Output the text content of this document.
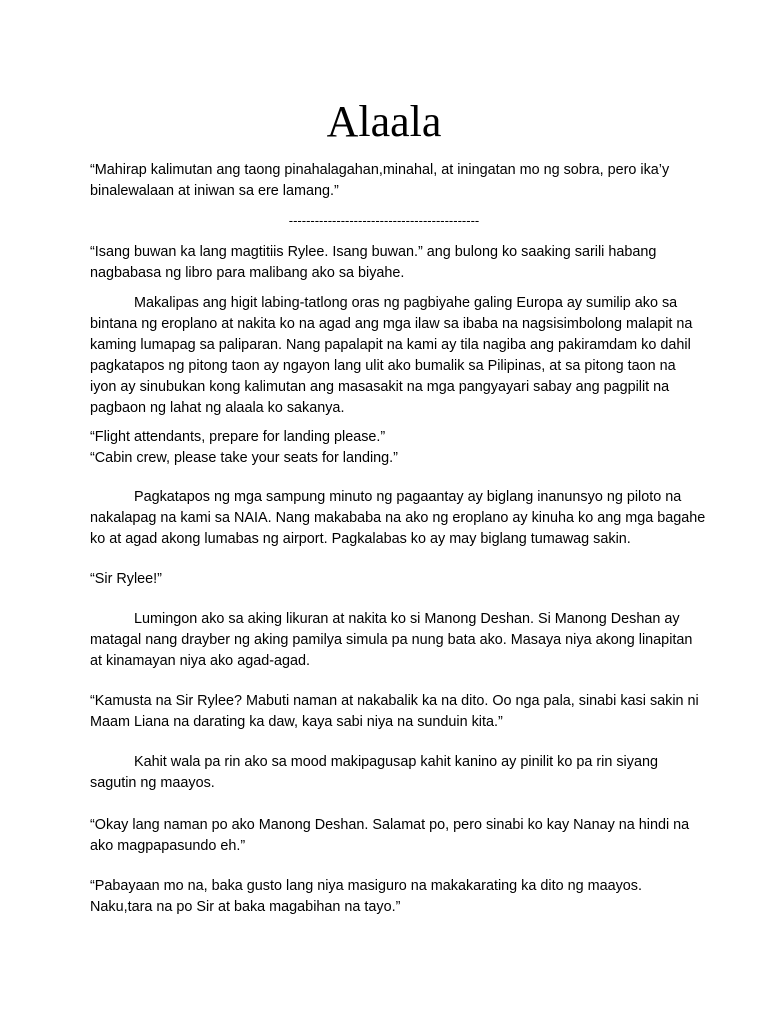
Alaala
“Mahirap kalimutan ang taong pinahalagahan,minahal, at iningatan mo ng sobra, pero ika’y
binalewalaan at iniwan sa ere lamang.”
--------------------------------------------
“Isang buwan ka lang magtitiis Rylee. Isang buwan.” ang bulong ko saaking sarili habang
nagbabasa ng libro para malibang ako sa biyahe.
Makalipas ang higit labing-tatlong oras ng pagbiyahe galing Europa ay sumilip ako sa
bintana ng eroplano at nakita ko na agad ang mga ilaw sa ibaba na nagsisimbolong malapit na
kaming lumapag sa paliparan. Nang papalapit na kami ay tila nagiba ang pakiramdam ko dahil
pagkatapos ng pitong taon ay ngayon lang ulit ako bumalik sa Pilipinas, at sa pitong taon na
iyon ay sinubukan kong kalimutan ang masasakit na mga pangyayari sabay ang pagpilit na
pagbaon ng lahat ng alaala ko sakanya.
“Flight attendants, prepare for landing please.”
“Cabin crew, please take your seats for landing.”
Pagkatapos ng mga sampung minuto ng pagaantay ay biglang inanunsyo ng piloto na
nakalapag na kami sa NAIA. Nang makababa na ako ng eroplano ay kinuha ko ang mga bagahe
ko at agad akong lumabas ng airport. Pagkalabas ko ay may biglang tumawag sakin.
“Sir Rylee!”
Lumingon ako sa aking likuran at nakita ko si Manong Deshan. Si Manong Deshan ay
matagal nang drayber ng aking pamilya simula pa nung bata ako. Masaya niya akong linapitan
at kinamayan niya ako agad-agad.
“Kamusta na Sir Rylee? Mabuti naman at nakabalik ka na dito. Oo nga pala, sinabi kasi sakin ni
Maam Liana na darating ka daw, kaya sabi niya na sunduin kita.”
Kahit wala pa rin ako sa mood makipagusap kahit kanino ay pinilit ko pa rin siyang
sagutin ng maayos.
“Okay lang naman po ako Manong Deshan. Salamat po, pero sinabi ko kay Nanay na hindi na
ako magpapasundo eh.”
“Pabayaan mo na, baka gusto lang niya masiguro na makakarating ka dito ng maayos.
Naku,tara na po Sir at baka magabihan na tayo.”
